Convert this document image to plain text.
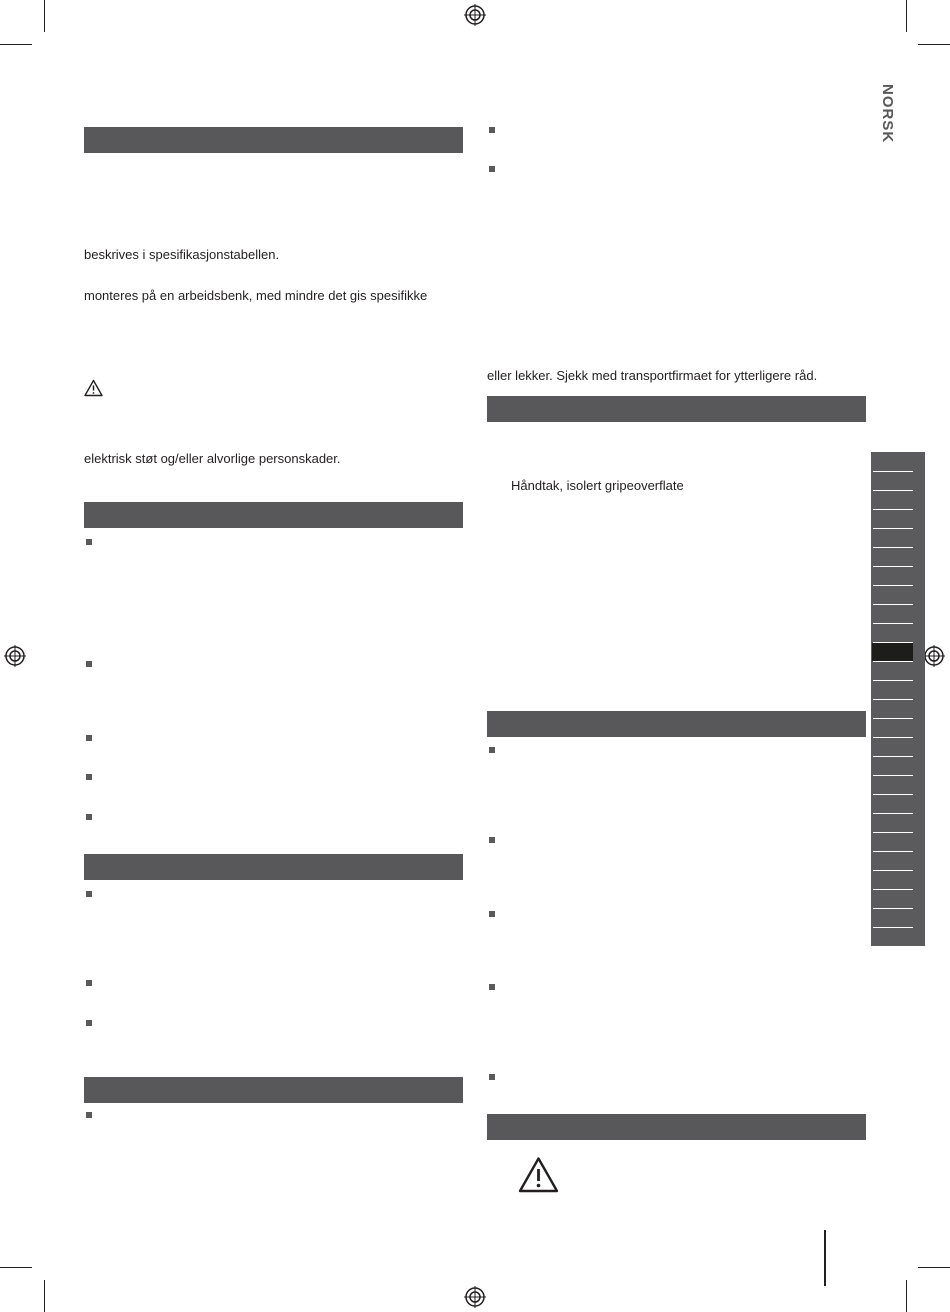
NORSK
beskrives i spesifikasjonstabellen.
monteres på en arbeidsbenk, med mindre det gis spesifikke
elektrisk støt og/eller alvorlige personskader.
eller lekker. Sjekk med transportfirmaet for ytterligere råd.
Håndtak, isolert gripeoverflate
